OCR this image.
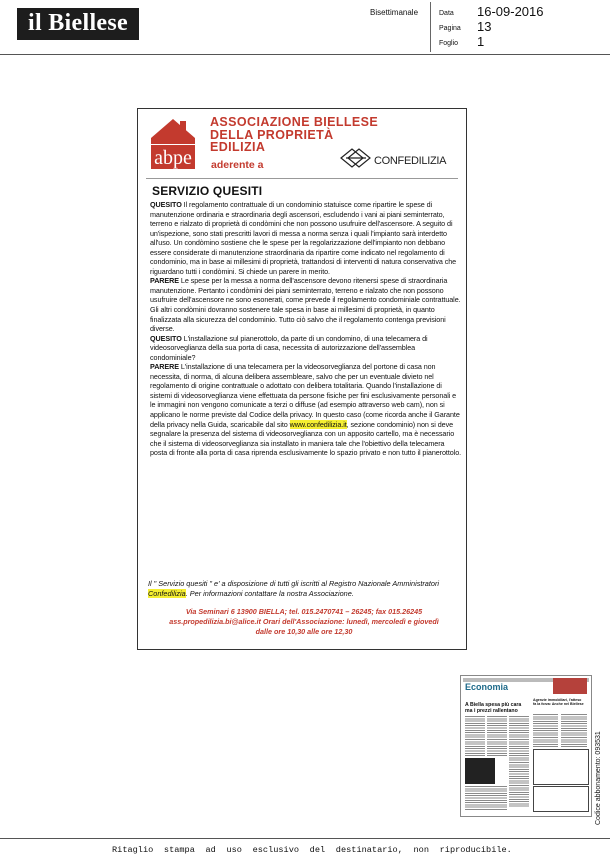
il Biellese	Bisettimanale	Data 16-09-2016
Pagina 13
Foglio 1
abpe
ASSOCIAZIONE BIELLESE
DELLA PROPRIETÀ
EDILIZIA
aderente a	CONFEDILIZIA
SERVIZIO QUESITI

QUESITO Il regolamento contrattuale di un condominio statuisce come ripartire le spese di manutenzione ordinaria e straordinaria degli ascensori, escludendo i vani ai piani seminterrato, terreno e rialzato di proprietà di condòmini che non possono usufruire dell'ascensore. A seguito di un'ispezione, sono stati prescritti lavori di messa a norma senza i quali l'impianto sarà interdetto all'uso. Un condòmino sostiene che le spese per la regolarizzazione dell'impianto non debbano essere considerate di manutenzione straordinaria da ripartire come indicato nel regolamento di condominio, ma in base ai millesimi di proprietà, trattandosi di interventi di natura conservativa che riguardano tutti i condòmini. Si chiede un parere in merito.

PARERE Le spese per la messa a norma dell'ascensore devono ritenersi spese di straordinaria manutenzione. Pertanto i condòmini dei piani seminterrato, terreno e rialzato che non possono usufruire dell'ascensore ne sono esonerati, come prevede il regolamento condominiale contrattuale. Gli altri condòmini dovranno sostenere tale spesa in base ai millesimi di proprietà, in quanto finalizzata alla sicurezza del condominio. Tutto ciò salvo che il regolamento contenga previsioni diverse.

QUESITO L'installazione sul pianerottolo, da parte di un condomino, di una telecamera di videosorveglianza della sua porta di casa, necessita di autorizzazione dell'assemblea condominiale?

PARERE L'installazione di una telecamera per la videosorveglianza del portone di casa non necessita, di norma, di alcuna delibera assembleare, salvo che per un eventuale divieto nel regolamento di origine contrattuale o adottato con delibera totalitaria. Quando l'installazione di sistemi di videosorveglianza viene effettuata da persone fisiche per fini esclusivamente personali e le immagini non vengono comunicate a terzi o diffuse (ad esempio attraverso web cam), non si applicano le norme previste dal Codice della privacy. In questo caso (come ricorda anche il Garante della privacy nella Guida, scaricabile dal sito www.confedilizia.it, sezione condominio) non si deve segnalare la presenza del sistema di videosorveglianza con un apposito cartello, ma è necessario che il sistema di videosorveglianza sia installato in maniera tale che l'obiettivo della telecamera posta di fronte alla porta di casa riprenda esclusivamente lo spazio privato e non tutto il pianerottolo.

Il " Servizio quesiti " e' a disposizione di tutti gli iscritti al Registro Nazionale Amministratori Confedilizia. Per informazioni contattare la nostra Associazione.
Via Seminari 6 13900 BIELLA; tel. 015.2470741 – 26245; fax 015.26245
ass.propedilizia.bi@alice.it Orari dell'Associazione: lunedì, mercoledì e giovedì
dalle ore 10,30 alle ore 12,30
Economia
A Biella spesa più cara ma i prezzi rallentano
Agenzie immobiliari, l'atteso fa la forza: Anche nel Biellese
Codice abbonamento: 093531
Ritaglio stampa ad uso esclusivo del destinatario, non riproducibile.
